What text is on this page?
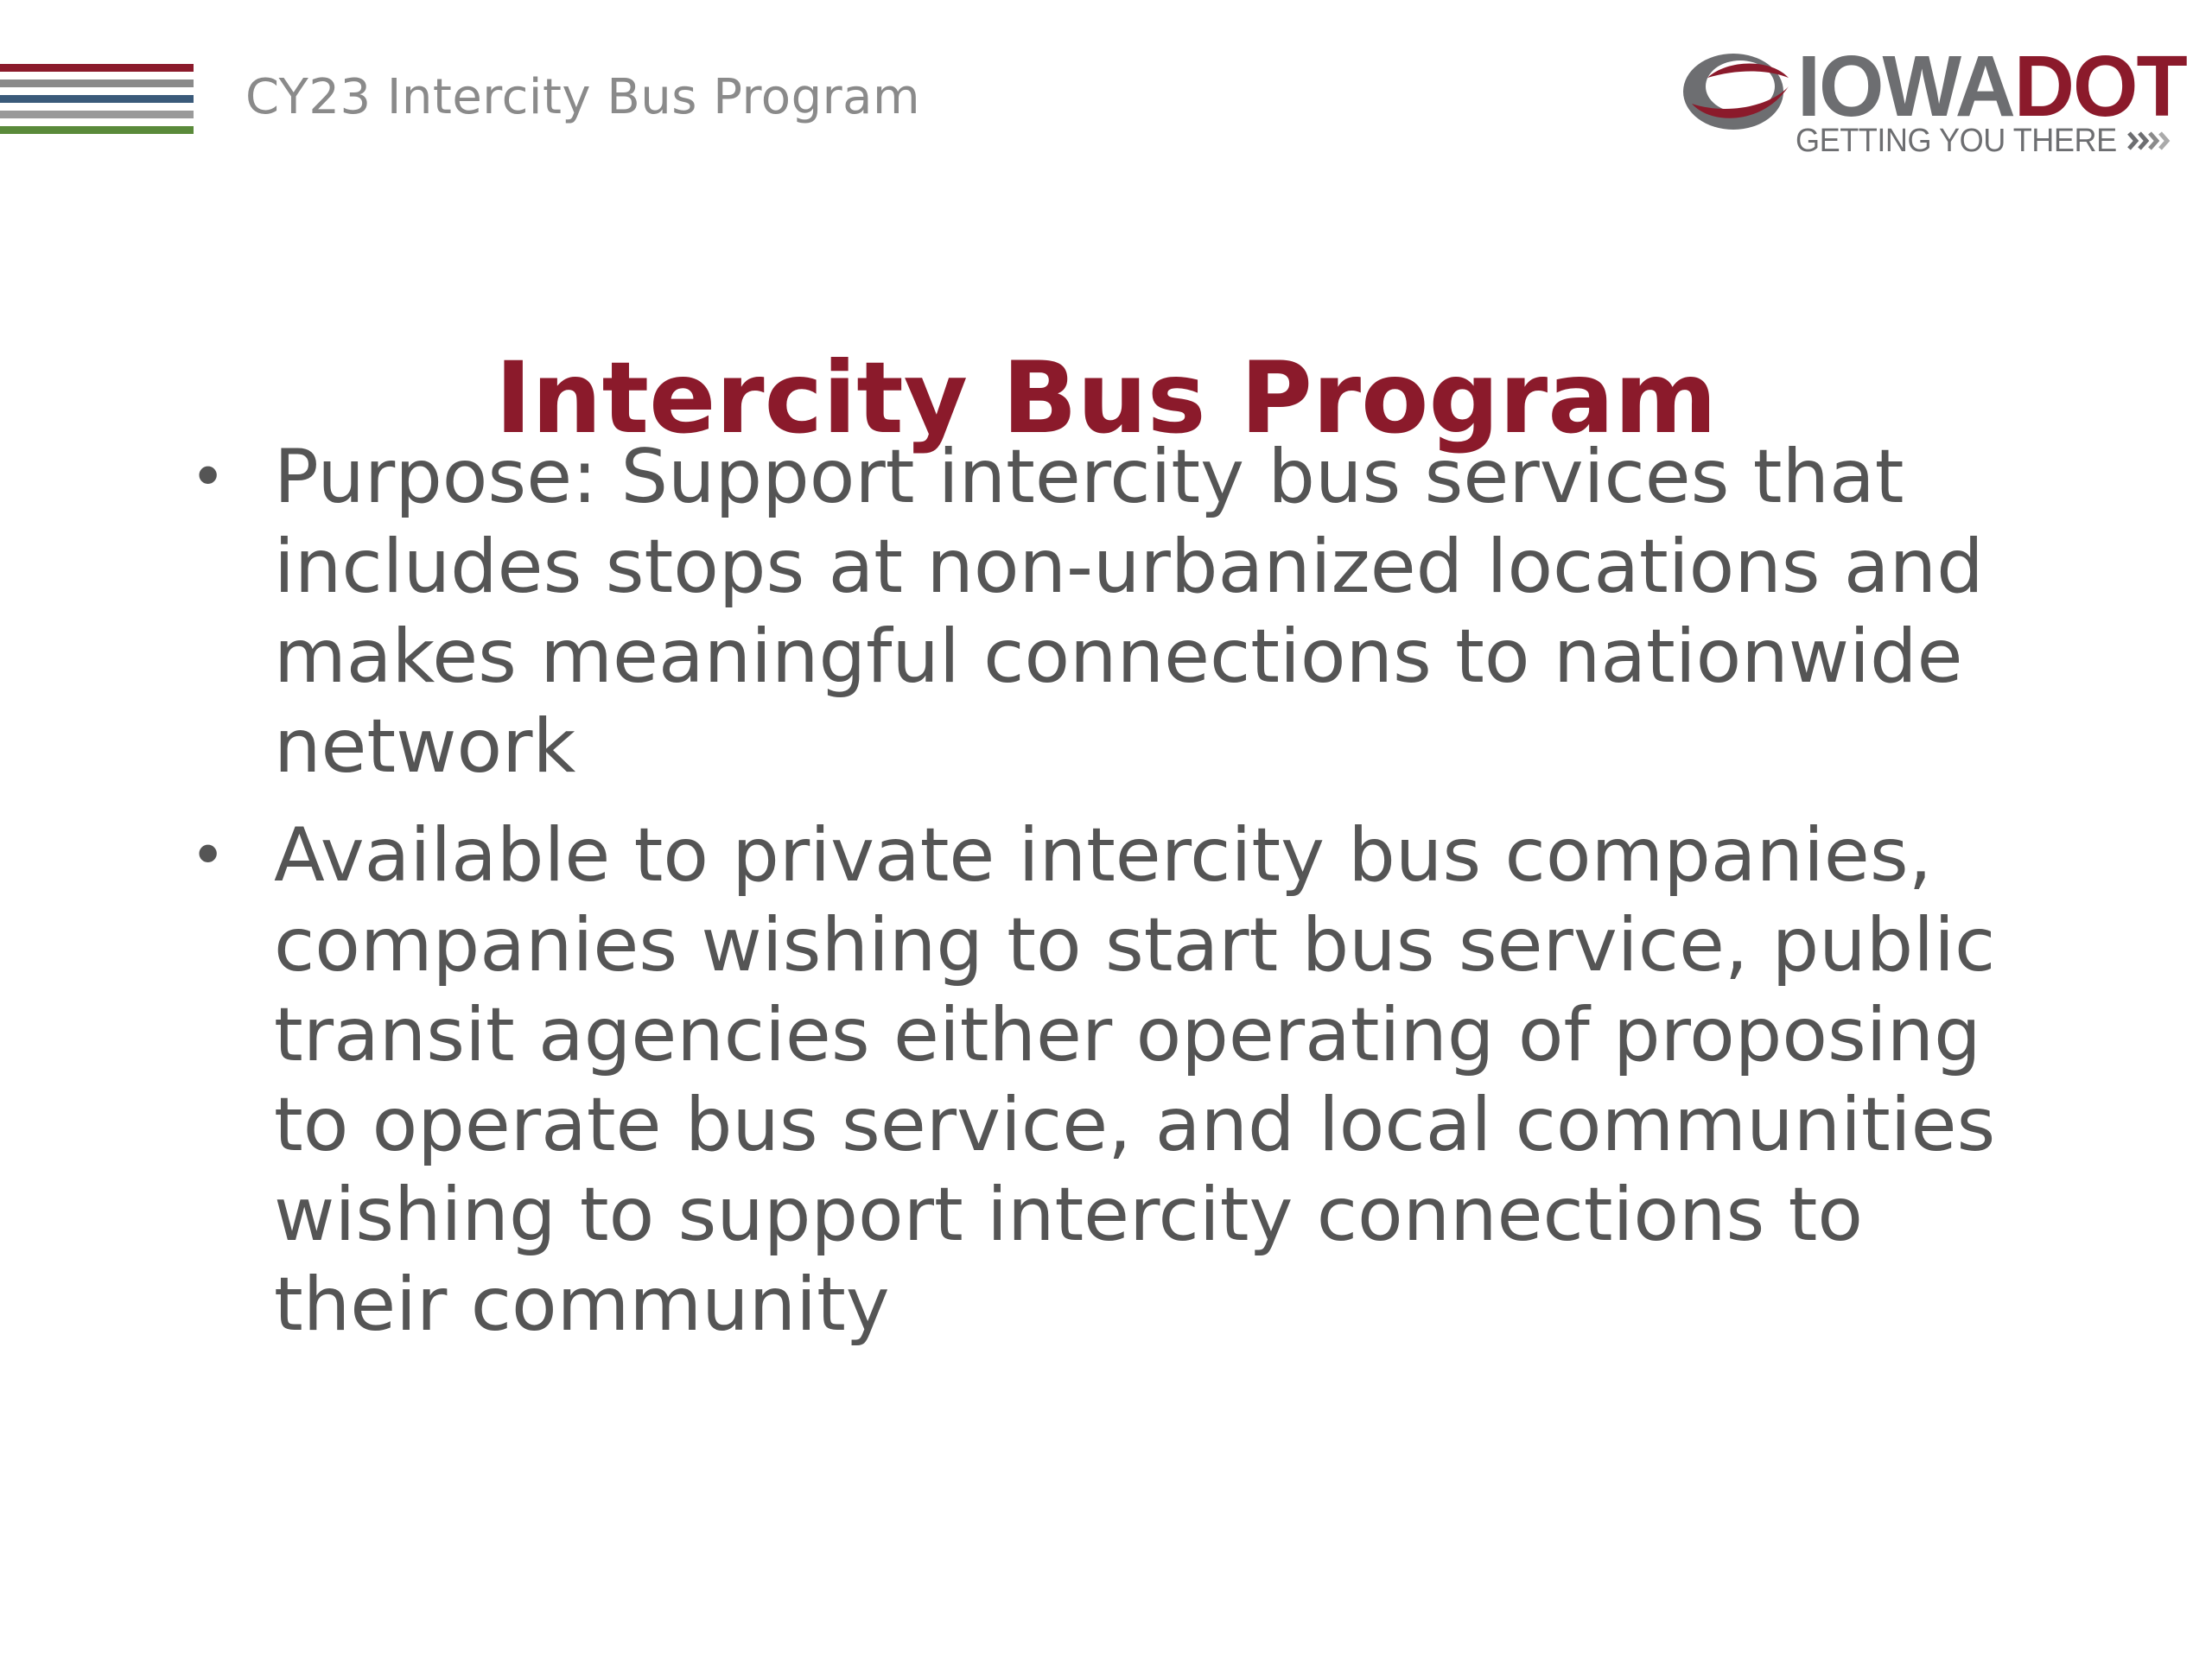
CY23 Intercity Bus Program	IOWADOT
GETTING YOU THERE
Intercity Bus Program
• Purpose: Support intercity bus services that includes stops at non-urbanized locations and makes meaningful connections to nationwide network
• Available to private intercity bus companies, companies wishing to start bus service, public transit agencies either operating of proposing to operate bus service, and local communities wishing to support intercity connections to their community
